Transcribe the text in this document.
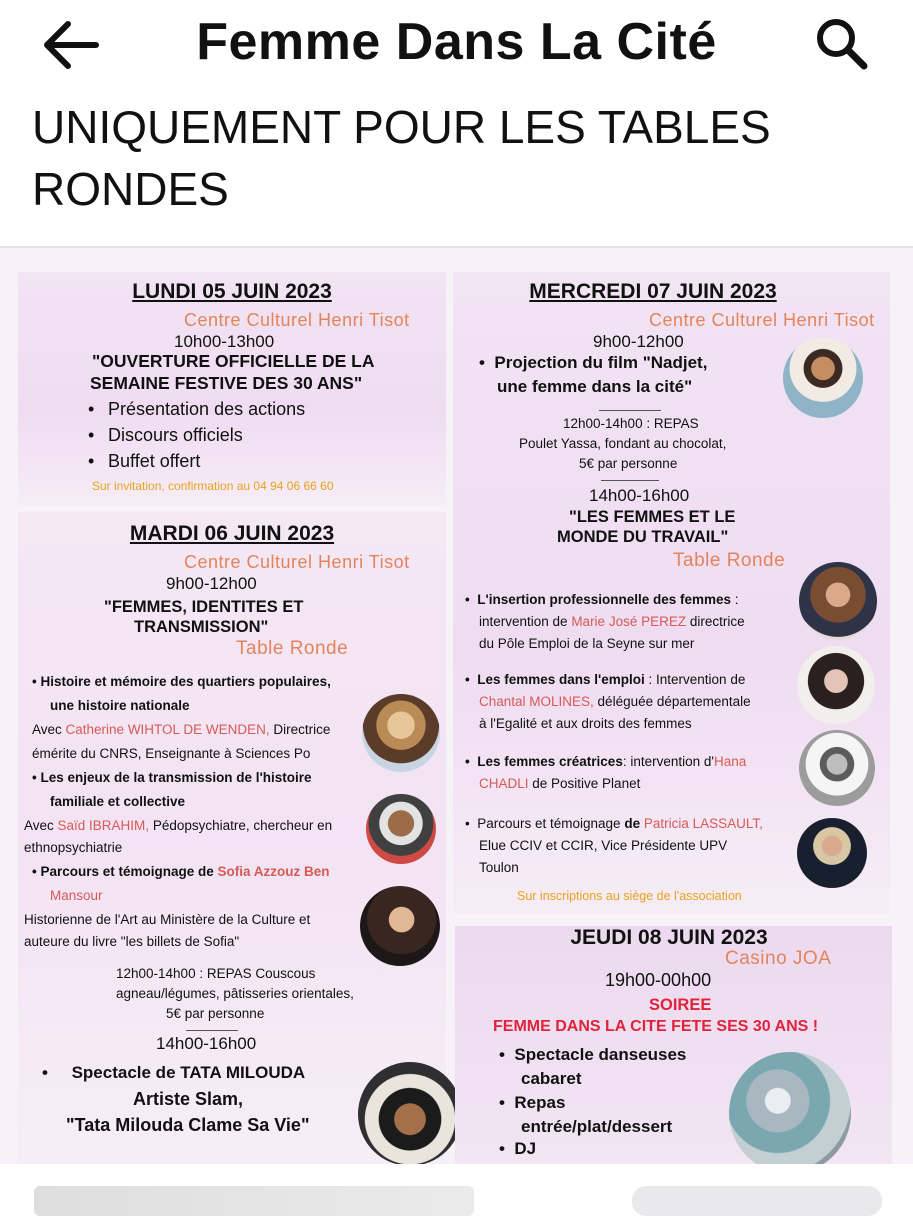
Femme Dans La Cité
UNIQUEMENT POUR LES TABLES RONDES
LUNDI 05 JUIN 2023
Centre Culturel Henri Tisot
10h00-13h00
"OUVERTURE OFFICIELLE DE LA
SEMAINE FESTIVE DES 30 ANS"
• Présentation des actions
• Discours officiels
• Buffet offert
Sur invitation, confirmation au 04 94 06 66 60
MARDI 06 JUIN 2023
Centre Culturel Henri Tisot
9h00-12h00
"FEMMES, IDENTITES ET
TRANSMISSION"
Table Ronde
• Histoire et mémoire des quartiers populaires,
une histoire nationale
Avec Catherine WIHTOL DE WENDEN, Directrice
émérite du CNRS, Enseignante à Sciences Po
• Les enjeux de la transmission de l'histoire
familiale et collective
Avec Saïd IBRAHIM, Pédopsychiatre, chercheur en
ethnopsychiatrie
• Parcours et témoignage de Sofia Azzouz Ben
Mansour
Historienne de l'Art au Ministère de la Culture et
auteure du livre "les billets de Sofia"
12h00-14h00 : REPAS Couscous
agneau/légumes, pâtisseries orientales,
5€ par personne
14h00-16h00
•     Spectacle de TATA MILOUDA
Artiste Slam,
"Tata Milouda Clame Sa Vie"
MERCREDI 07 JUIN 2023
Centre Culturel Henri Tisot
9h00-12h00
•  Projection du film "Nadjet,
une femme dans la cité"
12h00-14h00 : REPAS
Poulet Yassa, fondant au chocolat,
5€ par personne
14h00-16h00
"LES FEMMES ET LE
MONDE DU TRAVAIL"
Table Ronde
•  L'insertion professionnelle des femmes :
intervention de Marie José PEREZ directrice
du Pôle Emploi de la Seyne sur mer
•  Les femmes dans l'emploi : Intervention de
Chantal MOLINES, déléguée départementale
à l'Egalité et aux droits des femmes
•  Les femmes créatrices: intervention d'Hana
CHADLI de Positive Planet
•  Parcours et témoignage de Patricia LASSAULT,
Elue CCIV et CCIR, Vice Présidente UPV
Toulon
Sur inscriptions au siège de l'association
JEUDI 08 JUIN 2023
Casino JOA
19h00-00h00
SOIREE
FEMME DANS LA CITE FETE SES 30 ANS !
•  Spectacle danseuses
cabaret
•  Repas
entrée/plat/dessert
•  DJ
